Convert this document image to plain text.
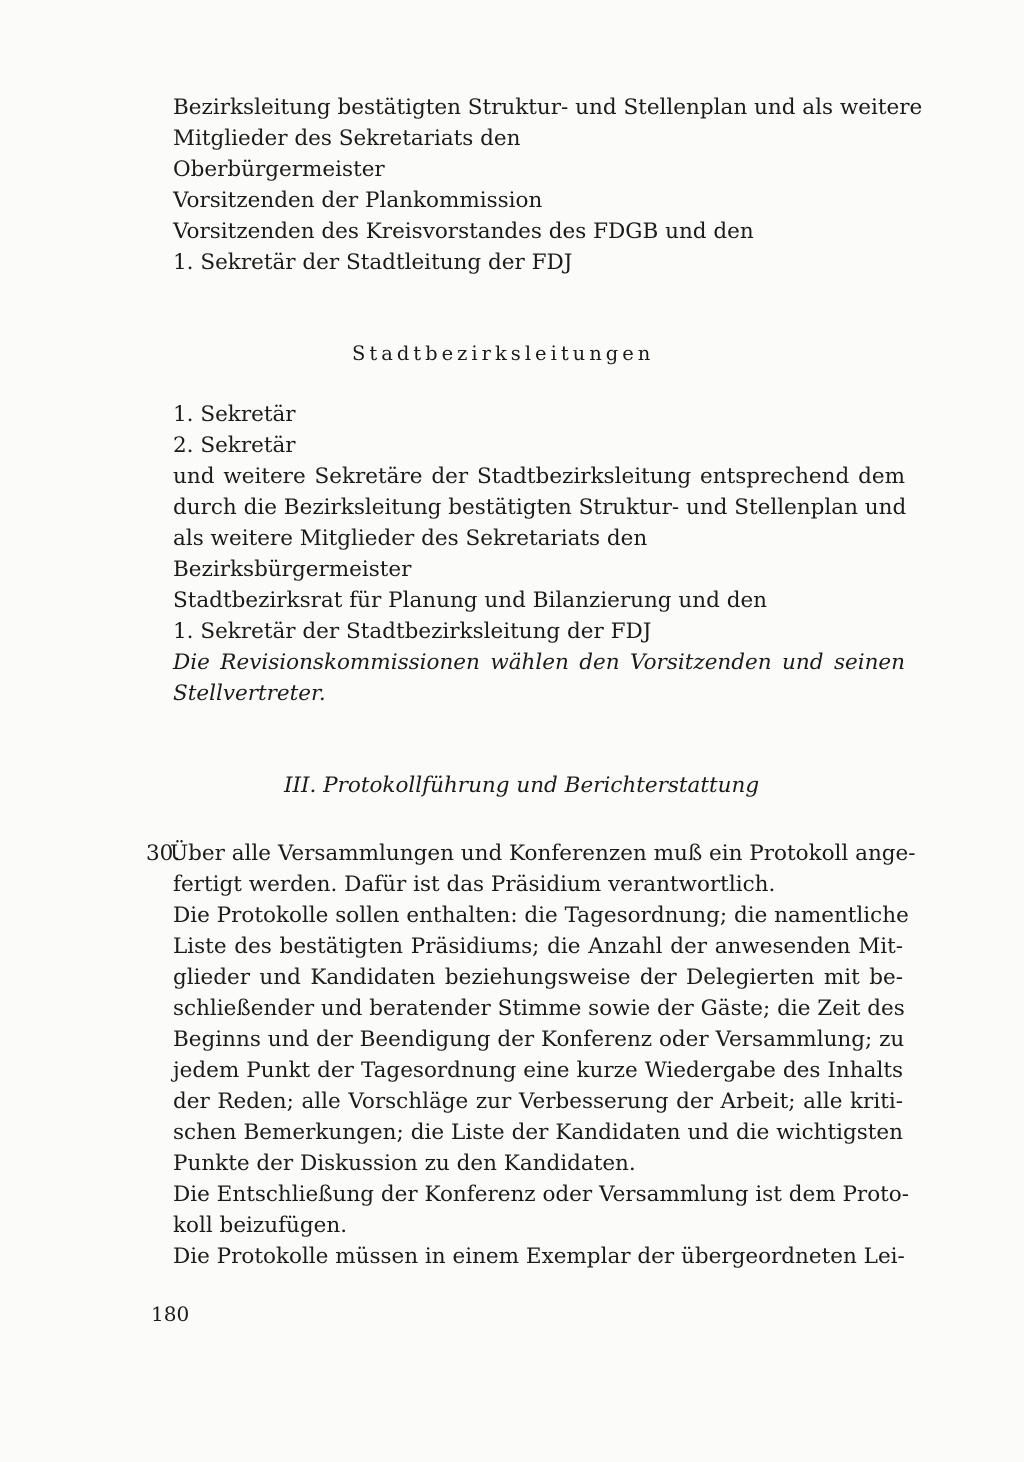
Bezirksleitung bestätigten Struktur- und Stellenplan und als weitere
Mitglieder des Sekretariats den
Oberbürgermeister
Vorsitzenden der Plankommission
Vorsitzenden des Kreisvorstandes des FDGB und den
1. Sekretär der Stadtleitung der FDJ
Stadtbezirksleitungen
1. Sekretär
2. Sekretär
und weitere Sekretäre der Stadtbezirksleitung entsprechend dem
durch die Bezirksleitung bestätigten Struktur- und Stellenplan und
als weitere Mitglieder des Sekretariats den
Bezirksbürgermeister
Stadtbezirksrat für Planung und Bilanzierung und den
1. Sekretär der Stadtbezirksleitung der FDJ
Die Revisionskommissionen wählen den Vorsitzenden und seinen
Stellvertreter.
III. Protokollführung und Berichterstattung
30.
Über alle Versammlungen und Konferenzen muß ein Protokoll ange-
fertigt werden. Dafür ist das Präsidium verantwortlich.
Die Protokolle sollen enthalten: die Tagesordnung; die namentliche
Liste des bestätigten Präsidiums; die Anzahl der anwesenden Mit-
glieder und Kandidaten beziehungsweise der Delegierten mit be-
schließender und beratender Stimme sowie der Gäste; die Zeit des
Beginns und der Beendigung der Konferenz oder Versammlung; zu
jedem Punkt der Tagesordnung eine kurze Wiedergabe des Inhalts
der Reden; alle Vorschläge zur Verbesserung der Arbeit; alle kriti-
schen Bemerkungen; die Liste der Kandidaten und die wichtigsten
Punkte der Diskussion zu den Kandidaten.
Die Entschließung der Konferenz oder Versammlung ist dem Proto-
koll beizufügen.
Die Protokolle müssen in einem Exemplar der übergeordneten Lei-
180
